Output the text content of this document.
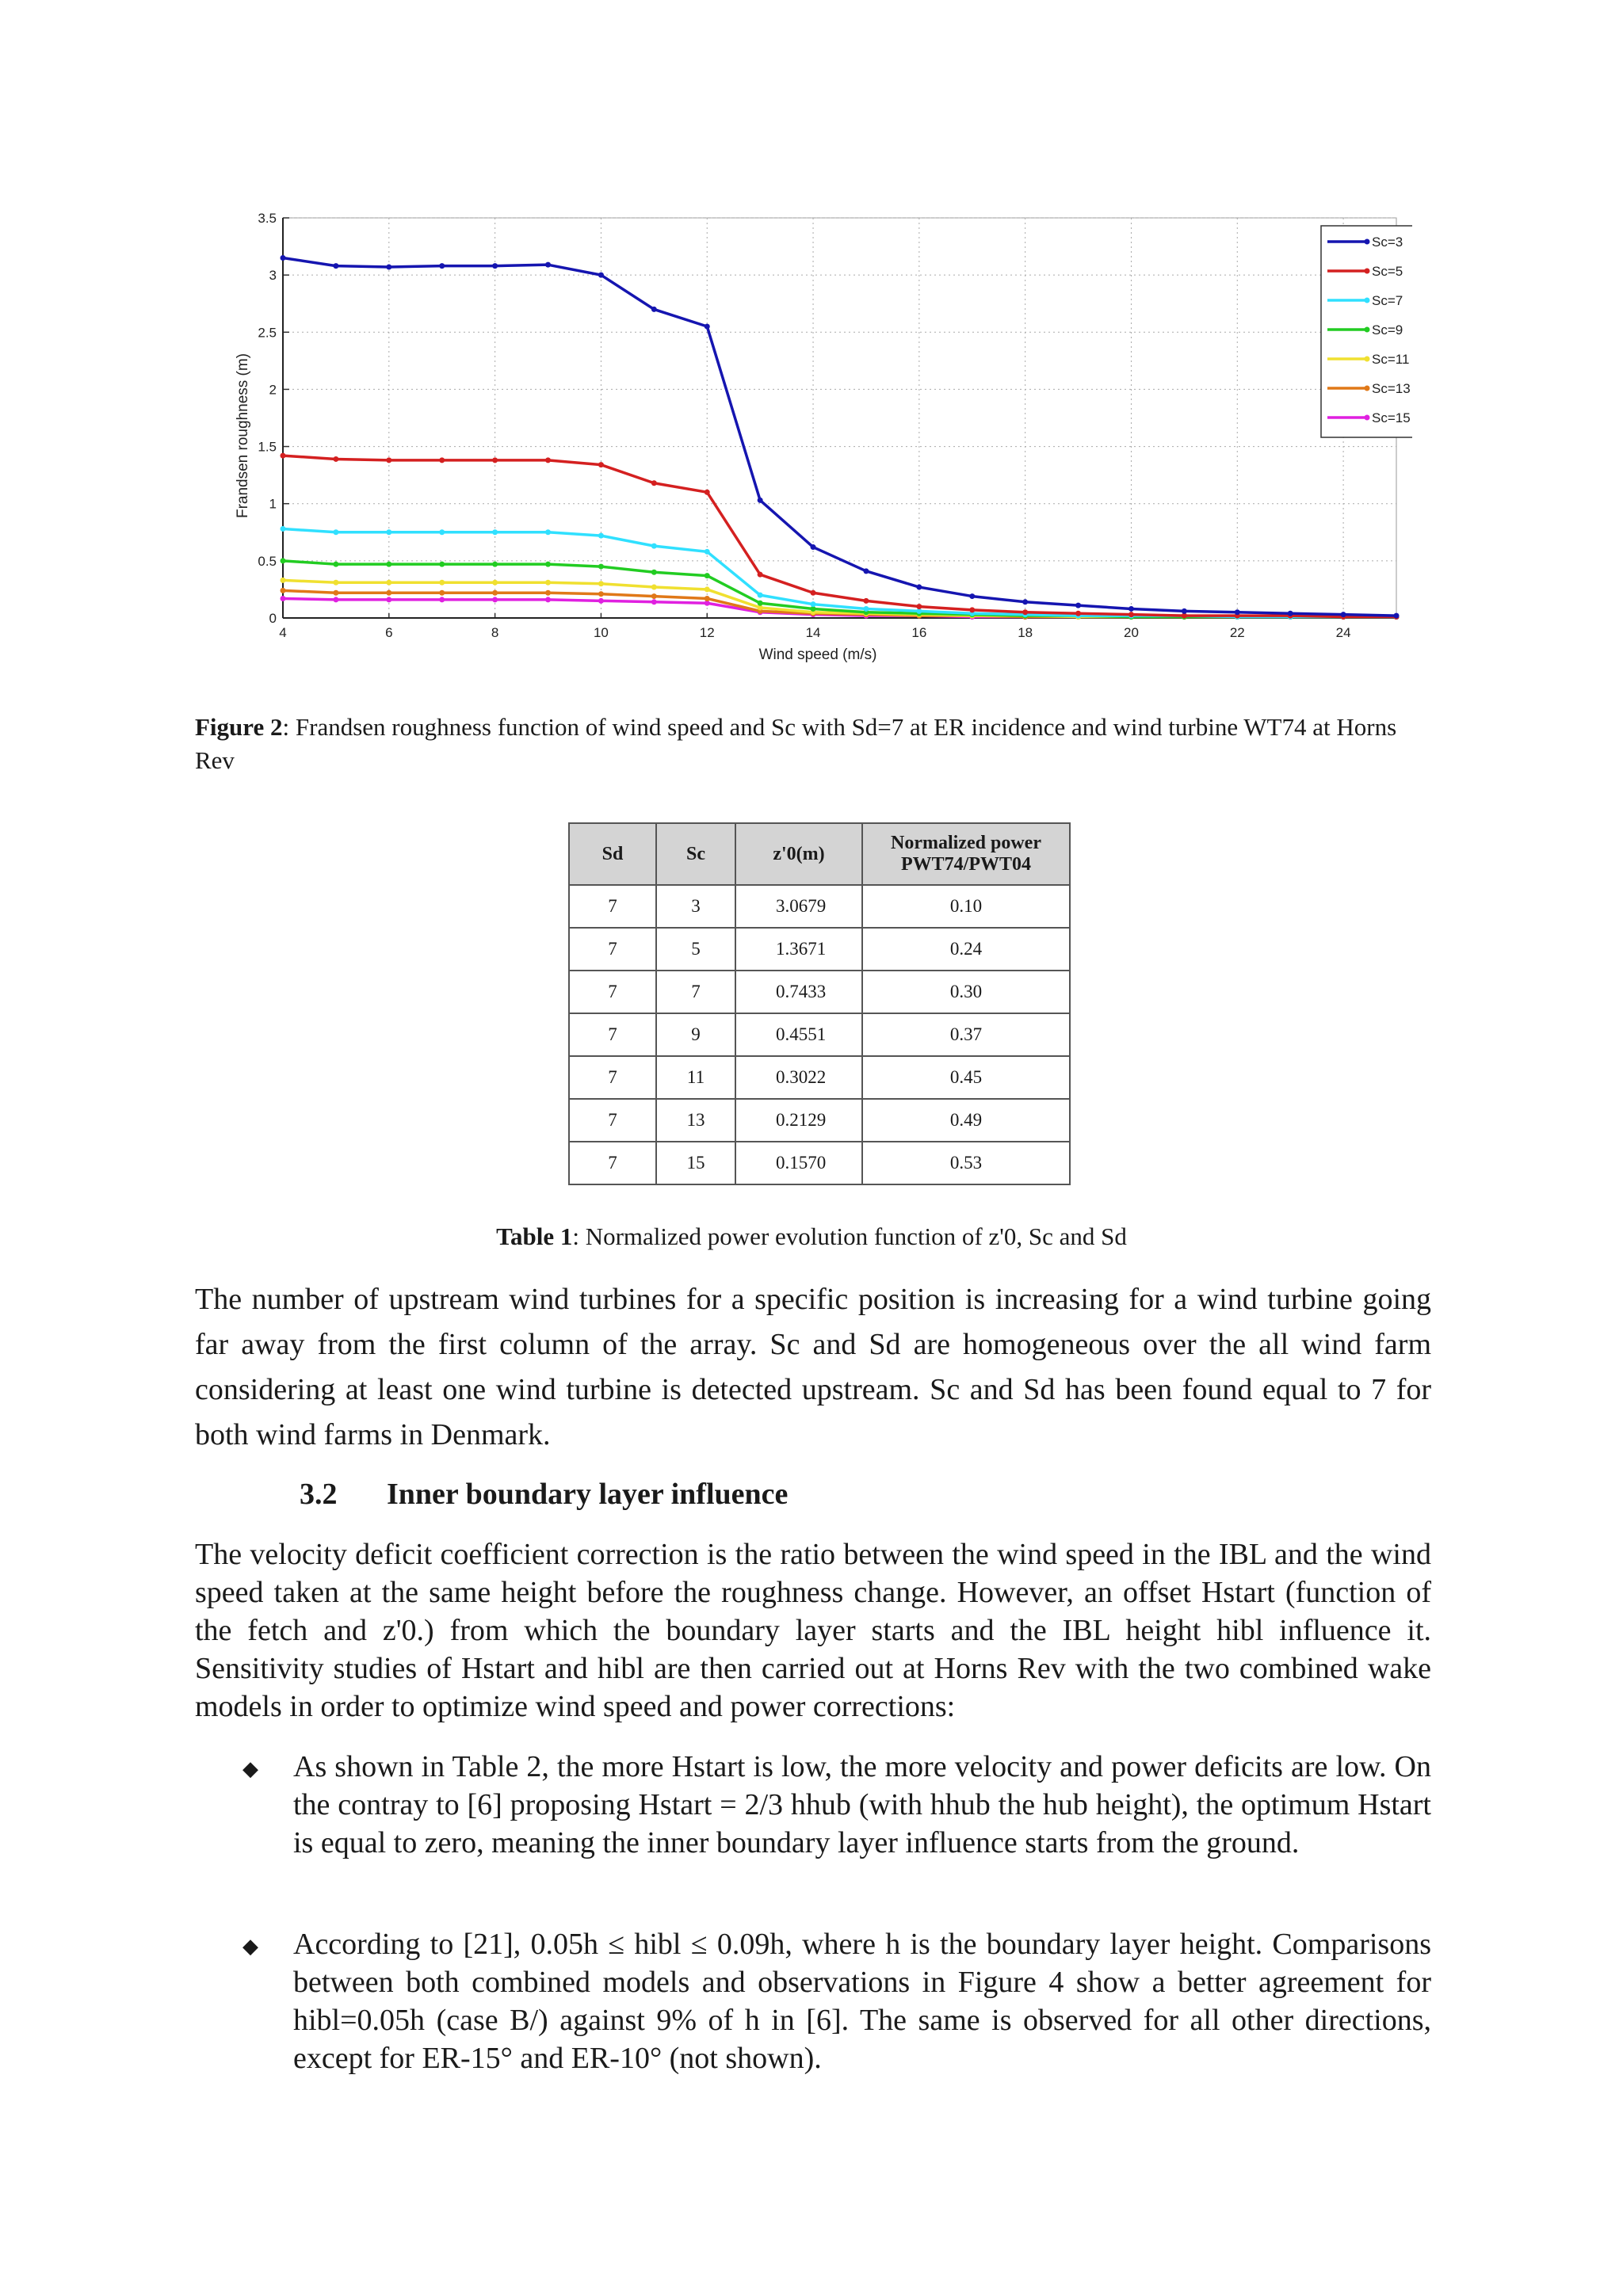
4	6	8	10	12	14	16	18	20	22	24
0
0.5
1
1.5
2
2.5
3
3.5
Sc=3
Sc=5
Sc=7
Sc=9
Sc=11
Sc=13
Sc=15
Wind speed (m/s)
Frandsen roughness (m)
Figure 2: Frandsen roughness function of wind speed and Sc with Sd=7 at ER incidence and wind turbine WT74 at Horns Rev
Sd	Sc	z'0(m)	Normalized power PWT74/PWT04
7	3	3.0679	0.10
7	5	1.3671	0.24
7	7	0.7433	0.30
7	9	0.4551	0.37
7	11	0.3022	0.45
7	13	0.2129	0.49
7	15	0.1570	0.53
Table 1: Normalized power evolution function of z'0, Sc and Sd
The number of upstream wind turbines for a specific position is increasing for a wind turbine going far away from the first column of the array. Sc and Sd are homogeneous over the all wind farm considering at least one wind turbine is detected upstream. Sc and Sd has been found equal to 7 for both wind farms in Denmark.
3.2 Inner boundary layer influence
The velocity deficit coefficient correction is the ratio between the wind speed in the IBL and the wind speed taken at the same height before the roughness change. However, an offset Hstart (function of the fetch and z'0.) from which the boundary layer starts and the IBL height hibl influence it. Sensitivity studies of Hstart and hibl are then carried out at Horns Rev with the two combined wake models in order to optimize wind speed and power corrections:
◆ As shown in Table 2, the more Hstart is low, the more velocity and power deficits are low. On the contray to [6] proposing Hstart = 2/3 hhub (with hhub the hub height), the optimum Hstart is equal to zero, meaning the inner boundary layer influence starts from the ground.
◆ According to [21], 0.05h ≤ hibl ≤ 0.09h, where h is the boundary layer height. Comparisons between both combined models and observations in Figure 4 show a better agreement for hibl=0.05h (case B/) against 9% of h in [6]. The same is observed for all other directions, except for ER-15° and ER-10° (not shown).
